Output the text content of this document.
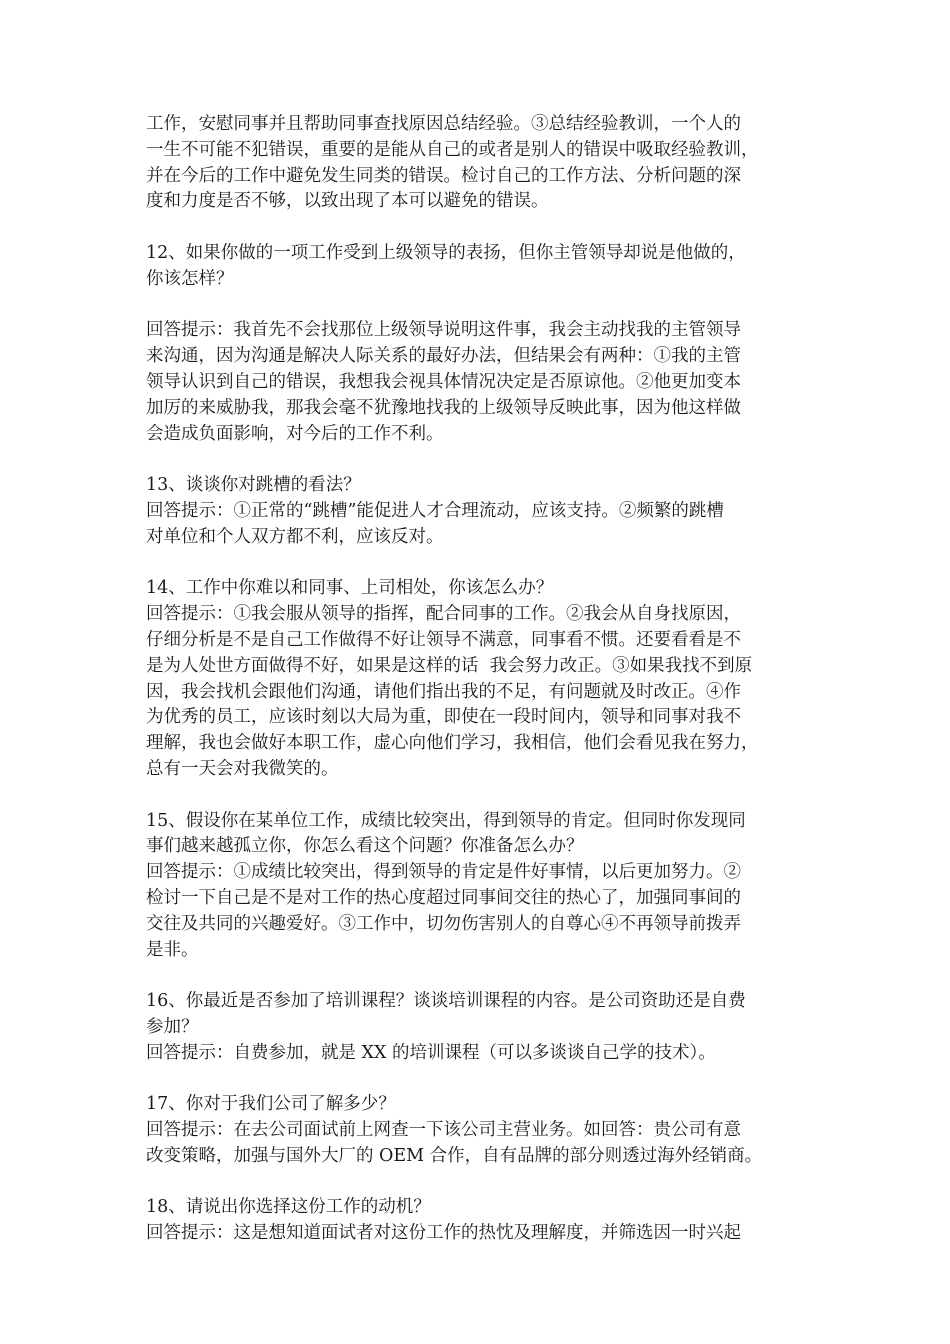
工作，安慰同事并且帮助同事查找原因总结经验。③总结经验教训，一个人的
一生不可能不犯错误，重要的是能从自己的或者是别人的错误中吸取经验教训，
并在今后的工作中避免发生同类的错误。检讨自己的工作方法、分析问题的深
度和力度是否不够，以致出现了本可以避免的错误。
12、如果你做的一项工作受到上级领导的表扬，但你主管领导却说是他做的，
你该怎样？
回答提示：我首先不会找那位上级领导说明这件事，我会主动找我的主管领导
来沟通，因为沟通是解决人际关系的最好办法，但结果会有两种：①我的主管
领导认识到自己的错误，我想我会视具体情况决定是否原谅他。②他更加变本
加厉的来威胁我，那我会毫不犹豫地找我的上级领导反映此事，因为他这样做
会造成负面影响，对今后的工作不利。
13、谈谈你对跳槽的看法？
回答提示：①正常的“跳槽”能促进人才合理流动，应该支持。②频繁的跳槽
对单位和个人双方都不利，应该反对。
14、工作中你难以和同事、上司相处，你该怎么办？
回答提示：①我会服从领导的指挥，配合同事的工作。②我会从自身找原因，
仔细分析是不是自己工作做得不好让领导不满意，同事看不惯。还要看看是不
是为人处世方面做得不好，如果是这样的话  我会努力改正。③如果我找不到原
因，我会找机会跟他们沟通，请他们指出我的不足，有问题就及时改正。④作
为优秀的员工，应该时刻以大局为重，即使在一段时间内，领导和同事对我不
理解，我也会做好本职工作，虚心向他们学习，我相信，他们会看见我在努力，
总有一天会对我微笑的。
15、假设你在某单位工作，成绩比较突出，得到领导的肯定。但同时你发现同
事们越来越孤立你，你怎么看这个问题？你准备怎么办？
回答提示：①成绩比较突出，得到领导的肯定是件好事情，以后更加努力。②
检讨一下自己是不是对工作的热心度超过同事间交往的热心了，加强同事间的
交往及共同的兴趣爱好。③工作中，切勿伤害别人的自尊心④不再领导前拨弄
是非。
16、你最近是否参加了培训课程？谈谈培训课程的内容。是公司资助还是自费
参加？
回答提示：自费参加，就是 XX 的培训课程（可以多谈谈自己学的技术）。
17、你对于我们公司了解多少？
回答提示：在去公司面试前上网查一下该公司主营业务。如回答：贵公司有意
改变策略，加强与国外大厂的 OEM 合作，自有品牌的部分则透过海外经销商。
18、请说出你选择这份工作的动机？
回答提示：这是想知道面试者对这份工作的热忱及理解度，并筛选因一时兴起
